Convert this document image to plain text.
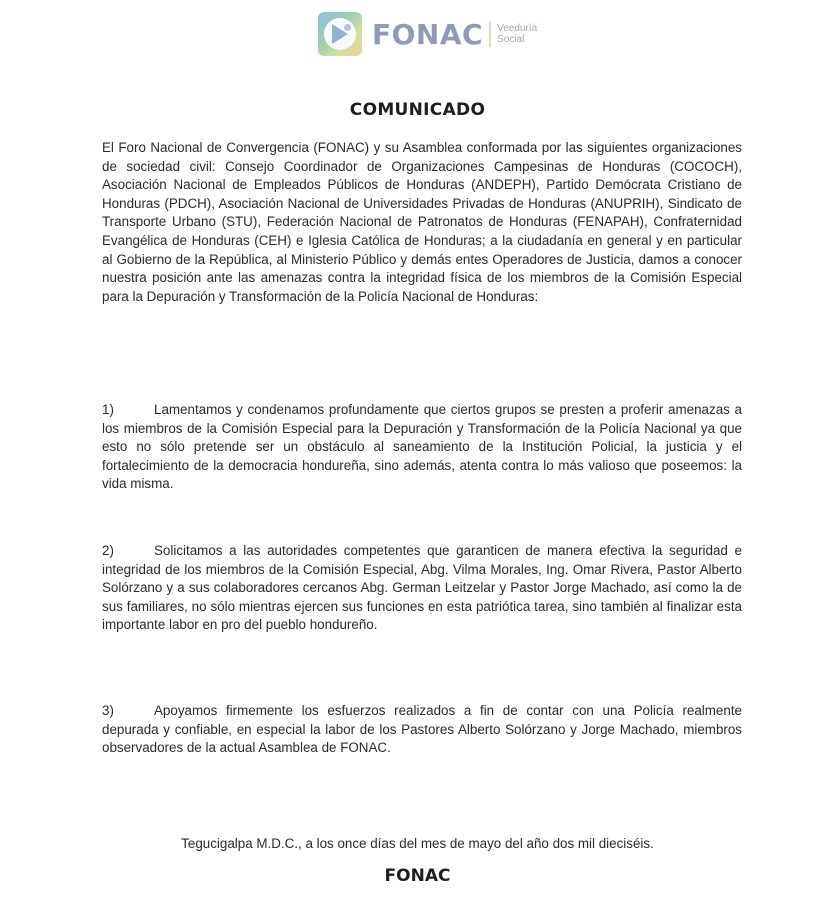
FONAC Veeduría
Social
COMUNICADO
El Foro Nacional de Convergencia (FONAC) y su Asamblea conformada por las siguientes organizaciones de sociedad civil: Consejo Coordinador de Organizaciones Campesinas de Honduras (COCOCH), Asociación Nacional de Empleados Públicos de Honduras (ANDEPH), Partido Demócrata Cristiano de Honduras (PDCH), Asociación Nacional de Universidades Privadas de Honduras (ANUPRIH), Sindicato de Transporte Urbano (STU), Federación Nacional de Patronatos de Honduras (FENAPAH), Confraternidad Evangélica de Honduras (CEH) e Iglesia Católica de Honduras; a la ciudadanía en general y en particular al Gobierno de la República, al Ministerio Público y demás entes Operadores de Justicia, damos a conocer nuestra posición ante las amenazas contra la integridad física de los miembros de la Comisión Especial para la Depuración y Transformación de la Policía Nacional de Honduras:
1)	Lamentamos y condenamos profundamente que ciertos grupos se presten a proferir amenazas a los miembros de la Comisión Especial para la Depuración y Transformación de la Policía Nacional ya que esto no sólo pretende ser un obstáculo al saneamiento de la Institución Policial, la justicia y el fortalecimiento de la democracia hondureña, sino además, atenta contra lo más valioso que poseemos: la vida misma.
2)	Solicitamos a las autoridades competentes que garanticen de manera efectiva la seguridad e integridad de los miembros de la Comisión Especial, Abg. Vilma Morales, Ing. Omar Rivera, Pastor Alberto Solórzano y a sus colaboradores cercanos Abg. German Leitzelar y Pastor Jorge Machado, así como la de sus familiares, no sólo mientras ejercen sus funciones en esta patriótica tarea, sino también al finalizar esta importante labor en pro del pueblo hondureño.
3)	Apoyamos firmemente los esfuerzos realizados a fin de contar con una Policía realmente depurada y confiable, en especial la labor de los Pastores Alberto Solórzano y Jorge Machado, miembros observadores de la actual Asamblea de FONAC.
Tegucigalpa M.D.C., a los once días del mes de mayo del año dos mil dieciséis.
FONAC
